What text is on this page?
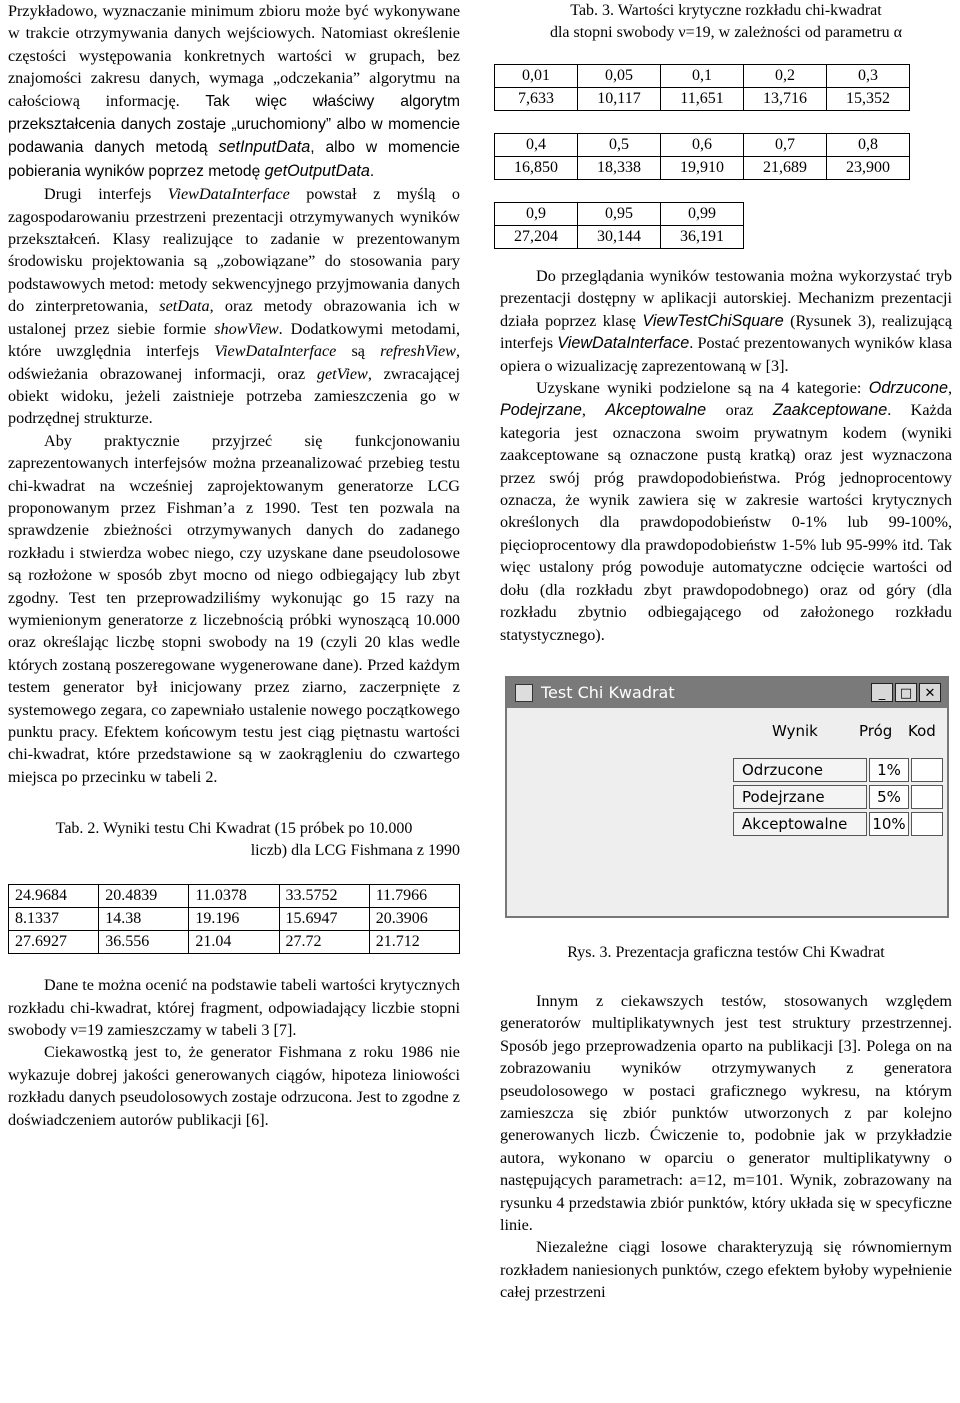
Przykładowo, wyznaczanie minimum zbioru może być wykonywane w trakcie otrzymywania danych wejściowych. Natomiast określenie częstości występowania konkretnych wartości w grupach, bez znajomości zakresu danych, wymaga „odczekania” algorytmu na całościową informację. Tak więc właściwy algorytm przekształcenia danych zostaje „uruchomiony” albo w momencie podawania danych metodą setInputData, albo w momencie pobierania wyników poprzez metodę getOutputData.

Drugi interfejs ViewDataInterface powstał z myślą o zagospodarowaniu przestrzeni prezentacji otrzymywanych wyników przekształceń. Klasy realizujące to zadanie w prezentowanym środowisku projektowania są „zobowiązane” do stosowania pary podstawowych metod: metody sekwencyjnego przyjmowania danych do zinterpretowania, setData, oraz metody obrazowania ich w ustalonej przez siebie formie showView. Dodatkowymi metodami, które uwzględnia interfejs ViewDataInterface są refreshView, odświeżania obrazowanej informacji, oraz getView, zwracającej obiekt widoku, jeżeli zaistnieje potrzeba zamieszczenia go w podrzędnej strukturze.

Aby praktycznie przyjrzeć się funkcjonowaniu zaprezentowanych interfejsów można przeanalizować przebieg testu chi-kwadrat na wcześniej zaprojektowanym generatorze LCG proponowanym przez Fishman’a z 1990. Test ten pozwala na sprawdzenie zbieżności otrzymywanych danych do zadanego rozkładu i stwierdza wobec niego, czy uzyskane dane pseudolosowe są rozłożone w sposób zbyt mocno od niego odbiegający lub zbyt zgodny. Test ten przeprowadziliśmy wykonując go 15 razy na wymienionym generatorze z liczebnością próbki wynoszącą 10.000 oraz określając liczbę stopni swobody na 19 (czyli 20 klas wedle których zostaną poszeregowane wygenerowane dane). Przed każdym testem generator był inicjowany przez ziarno, zaczerpnięte z systemowego zegara, co zapewniało ustalenie nowego początkowego punktu pracy. Efektem końcowym testu jest ciąg piętnastu wartości chi-kwadrat, które przedstawione są w zaokrągleniu do czwartego miejsca po przecinku w tabeli 2.

Tab. 2. Wyniki testu Chi Kwadrat (15 próbek po 10.000
liczb) dla LCG Fishmana z 1990
24.9684	20.4839	11.0378	33.5752	11.7966
8.1337	14.38	19.196	15.6947	20.3906
27.6927	36.556	21.04	27.72	21.712

Dane te można ocenić na podstawie tabeli wartości krytycznych rozkładu chi-kwadrat, której fragment, odpowiadający liczbie stopni swobody ν=19 zamieszczamy w tabeli 3 [7].

Ciekawostką jest to, że generator Fishmana z roku 1986 nie wykazuje dobrej jakości generowanych ciągów, hipoteza liniowości rozkładu danych pseudolosowych zostaje odrzucona. Jest to zgodne z doświadczeniem autorów publikacji [6].

Tab. 3. Wartości krytyczne rozkładu chi-kwadrat
dla stopni swobody ν=19, w zależności od parametru α
0,01	0,05	0,1	0,2	0,3
7,633	10,117	11,651	13,716	15,352
0,4	0,5	0,6	0,7	0,8
16,850	18,338	19,910	21,689	23,900
0,9	0,95	0,99		
27,204	30,144	36,191		

Do przeglądania wyników testowania można wykorzystać tryb prezentacji dostępny w aplikacji autorskiej. Mechanizm prezentacji działa poprzez klasę ViewTestChiSquare (Rysunek 3), realizującą interfejs ViewDataInterface. Postać prezentowanych wyników klasa opiera o wizualizację zaprezentowaną w [3].

Uzyskane wyniki podzielone są na 4 kategorie: Odrzucone, Podejrzane, Akceptowalne oraz Zaakceptowane. Każda kategoria jest oznaczona swoim prywatnym kodem (wyniki zaakceptowane są oznaczone pustą kratką) oraz jest wyznaczona przez swój próg prawdopodobieństwa. Próg jednoprocentowy oznacza, że wynik zawiera się w zakresie wartości krytycznych określonych dla prawdopodobieństw 0-1% lub 99-100%, pięcioprocentowy dla prawdopodobieństw 1-5% lub 95-99% itd. Tak więc ustalony próg powoduje automatyczne odcięcie wartości od dołu (dla rozkładu zbyt prawdopodobnego) oraz od góry (dla rozkładu zbytnio odbiegającego od założonego rozkładu statystycznego).

Test Chi Kwadrat	_ □ ✕
Wynik	Próg Kod
Odrzucone	1%
Podejrzane	5%
Akceptowalne	10%
Rys. 3. Prezentacja graficzna testów Chi Kwadrat

Innym z ciekawszych testów, stosowanych względem generatorów multiplikatywnych jest test struktury przestrzennej. Sposób jego przeprowadzenia oparto na publikacji [3]. Polega on na zobrazowaniu wyników otrzymywanych z generatora pseudolosowego w postaci graficznego wykresu, na którym zamieszcza się zbiór punktów utworzonych z par kolejno generowanych liczb. Ćwiczenie to, podobnie jak w przykładzie autora, wykonano w oparciu o generator multiplikatywny o następujących parametrach: a=12, m=101. Wynik, zobrazowany na rysunku 4 przedstawia zbiór punktów, który układa się w specyficzne linie.

Niezależne ciągi losowe charakteryzują się równomiernym rozkładem naniesionych punktów, czego efektem byłoby wypełnienie całej przestrzeni
